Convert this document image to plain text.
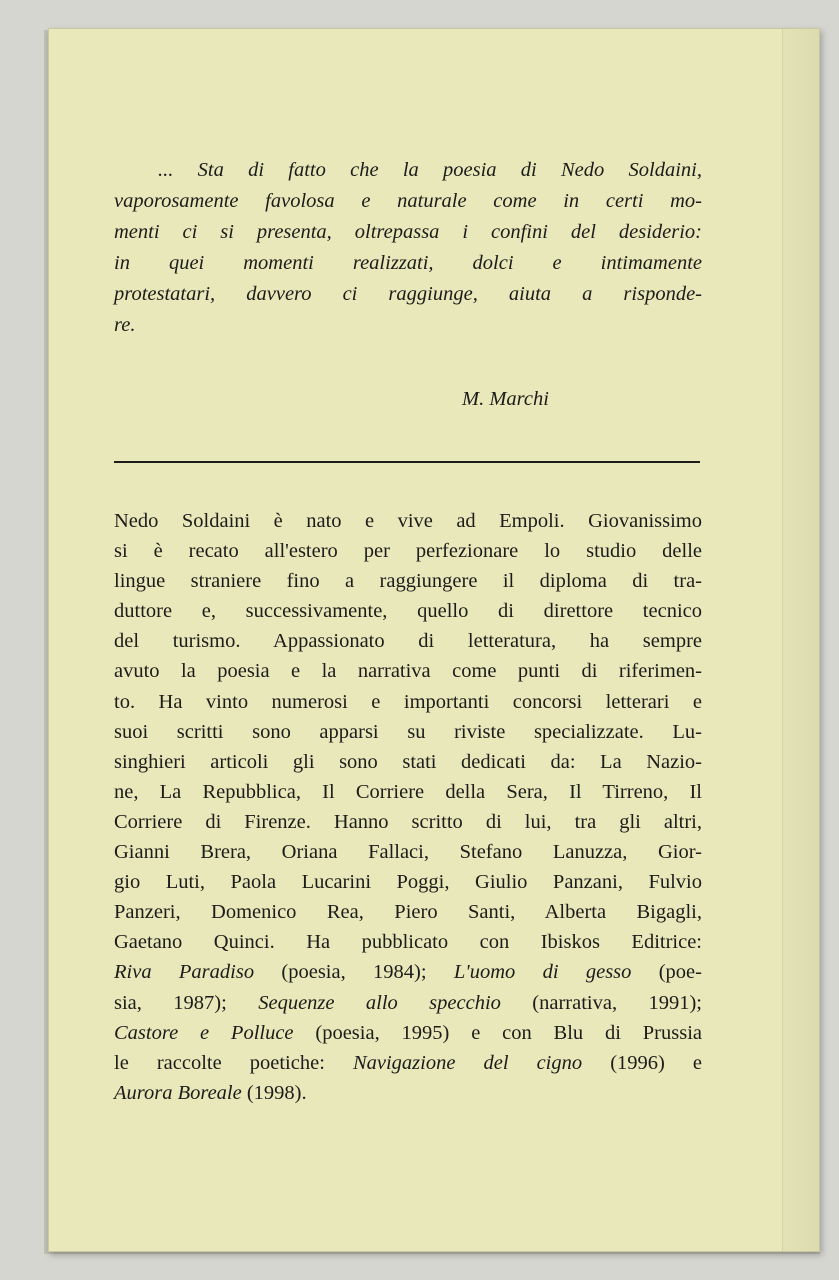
... Sta di fatto che la poesia di Nedo Soldaini,
vaporosamente favolosa e naturale come in certi mo-
menti ci si presenta, oltrepassa i confini del desiderio:
in quei momenti realizzati, dolci e intimamente
protestatari, davvero ci raggiunge, aiuta a risponde-
re.
M. Marchi
Nedo Soldaini è nato e vive ad Empoli. Giovanissimo
si è recato all'estero per perfezionare lo studio delle
lingue straniere fino a raggiungere il diploma di tra-
duttore e, successivamente, quello di direttore tecnico
del turismo. Appassionato di letteratura, ha sempre
avuto la poesia e la narrativa come punti di riferimen-
to. Ha vinto numerosi e importanti concorsi letterari e
suoi scritti sono apparsi su riviste specializzate. Lu-
singhieri articoli gli sono stati dedicati da: La Nazio-
ne, La Repubblica, Il Corriere della Sera, Il Tirreno, Il
Corriere di Firenze. Hanno scritto di lui, tra gli altri,
Gianni Brera, Oriana Fallaci, Stefano Lanuzza, Gior-
gio Luti, Paola Lucarini Poggi, Giulio Panzani, Fulvio
Panzeri, Domenico Rea, Piero Santi, Alberta Bigagli,
Gaetano Quinci. Ha pubblicato con Ibiskos Editrice:
Riva Paradiso (poesia, 1984); L'uomo di gesso (poe-
sia, 1987); Sequenze allo specchio (narrativa, 1991);
Castore e Polluce (poesia, 1995) e con Blu di Prussia
le raccolte poetiche: Navigazione del cigno (1996) e
Aurora Boreale (1998).
